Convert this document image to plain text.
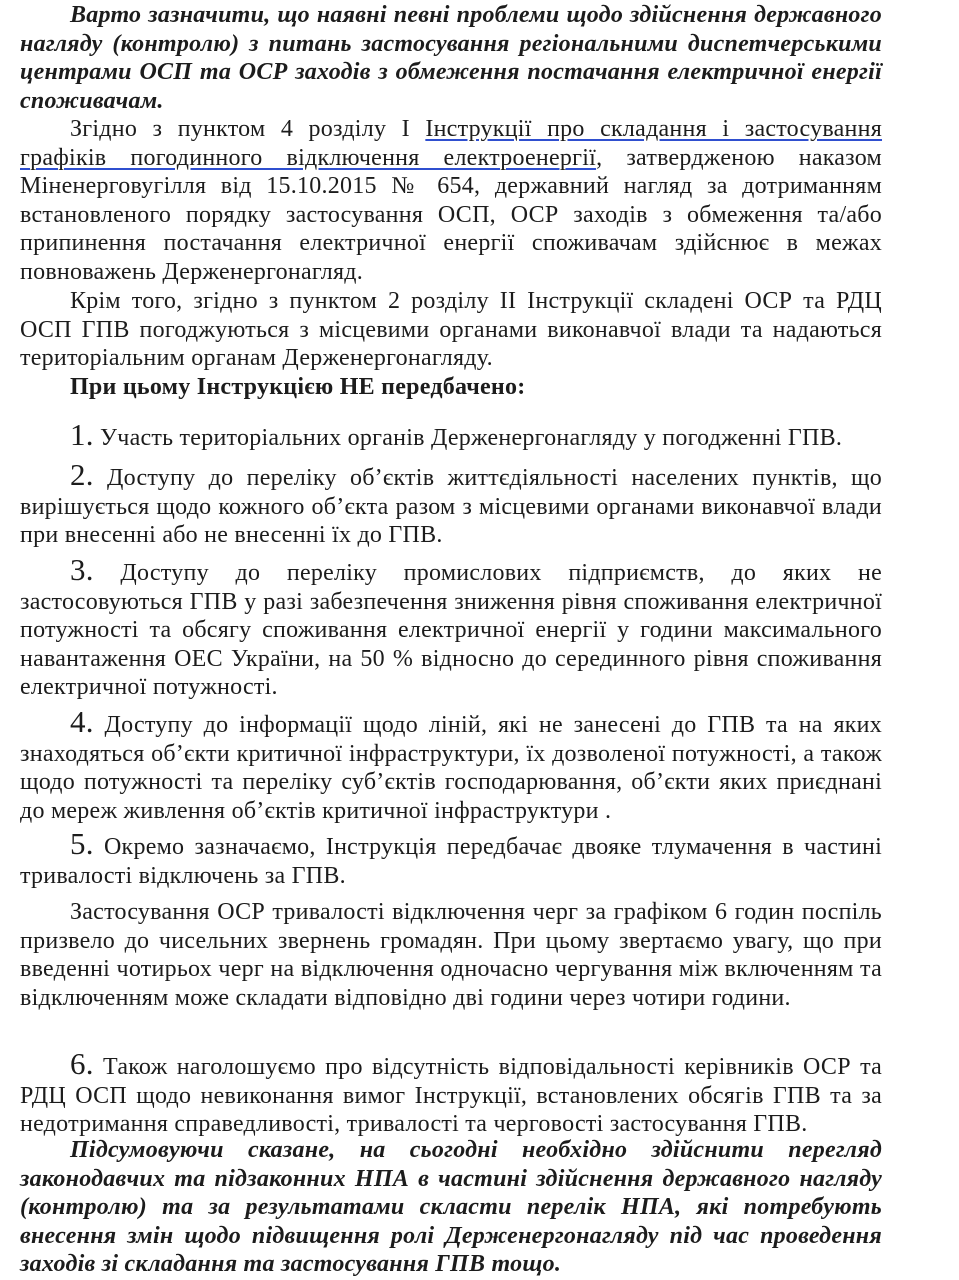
Варто зазначити, що наявні певні проблеми щодо здійснення державного нагляду (контролю) з питань застосування регіональними диспетчерськими центрами ОСП та ОСР заходів з обмеження постачання електричної енергії споживачам.

Згідно з пунктом 4 розділу І Інструкції про складання і застосування графіків погодинного відключення електроенергії, затвердженою наказом Міненерговугілля від 15.10.2015 № 654, державний нагляд за дотриманням встановленого порядку застосування ОСП, ОСР заходів з обмеження та/або припинення постачання електричної енергії споживачам здійснює в межах повноважень Держенергонагляд.

Крім того, згідно з пунктом 2 розділу ІІ Інструкції складені ОСР та РДЦ ОСП ГПВ погоджуються з місцевими органами виконавчої влади та надаються територіальним органам Держенергонагляду.

При цьому Інструкцією НЕ передбачено:

1. Участь територіальних органів Держенергонагляду у погодженні ГПВ.

2. Доступу до переліку об’єктів життєдіяльності населених пунктів, що вирішується щодо кожного об’єкта разом з місцевими органами виконавчої влади при внесенні або не внесенні їх до ГПВ.

3. Доступу до переліку промислових підприємств, до яких не застосовуються ГПВ у разі забезпечення зниження рівня споживання електричної потужності та обсягу споживання електричної енергії у години максимального навантаження ОЕС України, на 50 % відносно до серединного рівня споживання електричної потужності.

4. Доступу до інформації щодо ліній, які не занесені до ГПВ та на яких знаходяться об’єкти критичної інфраструктури, їх дозволеної потужності, а також щодо потужності та переліку суб’єктів господарювання, об’єкти яких приєднані до мереж живлення об’єктів критичної інфраструктури .

5. Окремо зазначаємо, Інструкція передбачає двояке тлумачення в частині тривалості відключень за ГПВ.

Застосування ОСР тривалості відключення черг за графіком 6 годин поспіль призвело до чисельних звернень громадян. При цьому звертаємо увагу, що при введенні чотирьох черг на відключення одночасно чергування між включенням та відключенням може складати відповідно дві години через чотири години.

6. Також наголошуємо про відсутність відповідальності керівників ОСР та РДЦ ОСП щодо невиконання вимог Інструкції, встановлених обсягів ГПВ та за недотримання справедливості, тривалості та черговості застосування ГПВ.

Підсумовуючи сказане, на сьогодні необхідно здійснити перегляд законодавчих та підзаконних НПА в частині здійснення державного нагляду (контролю) та за результатами скласти перелік НПА, які потребують внесення змін щодо підвищення ролі Держенергонагляду під час проведення заходів зі складання та застосування ГПВ тощо.
